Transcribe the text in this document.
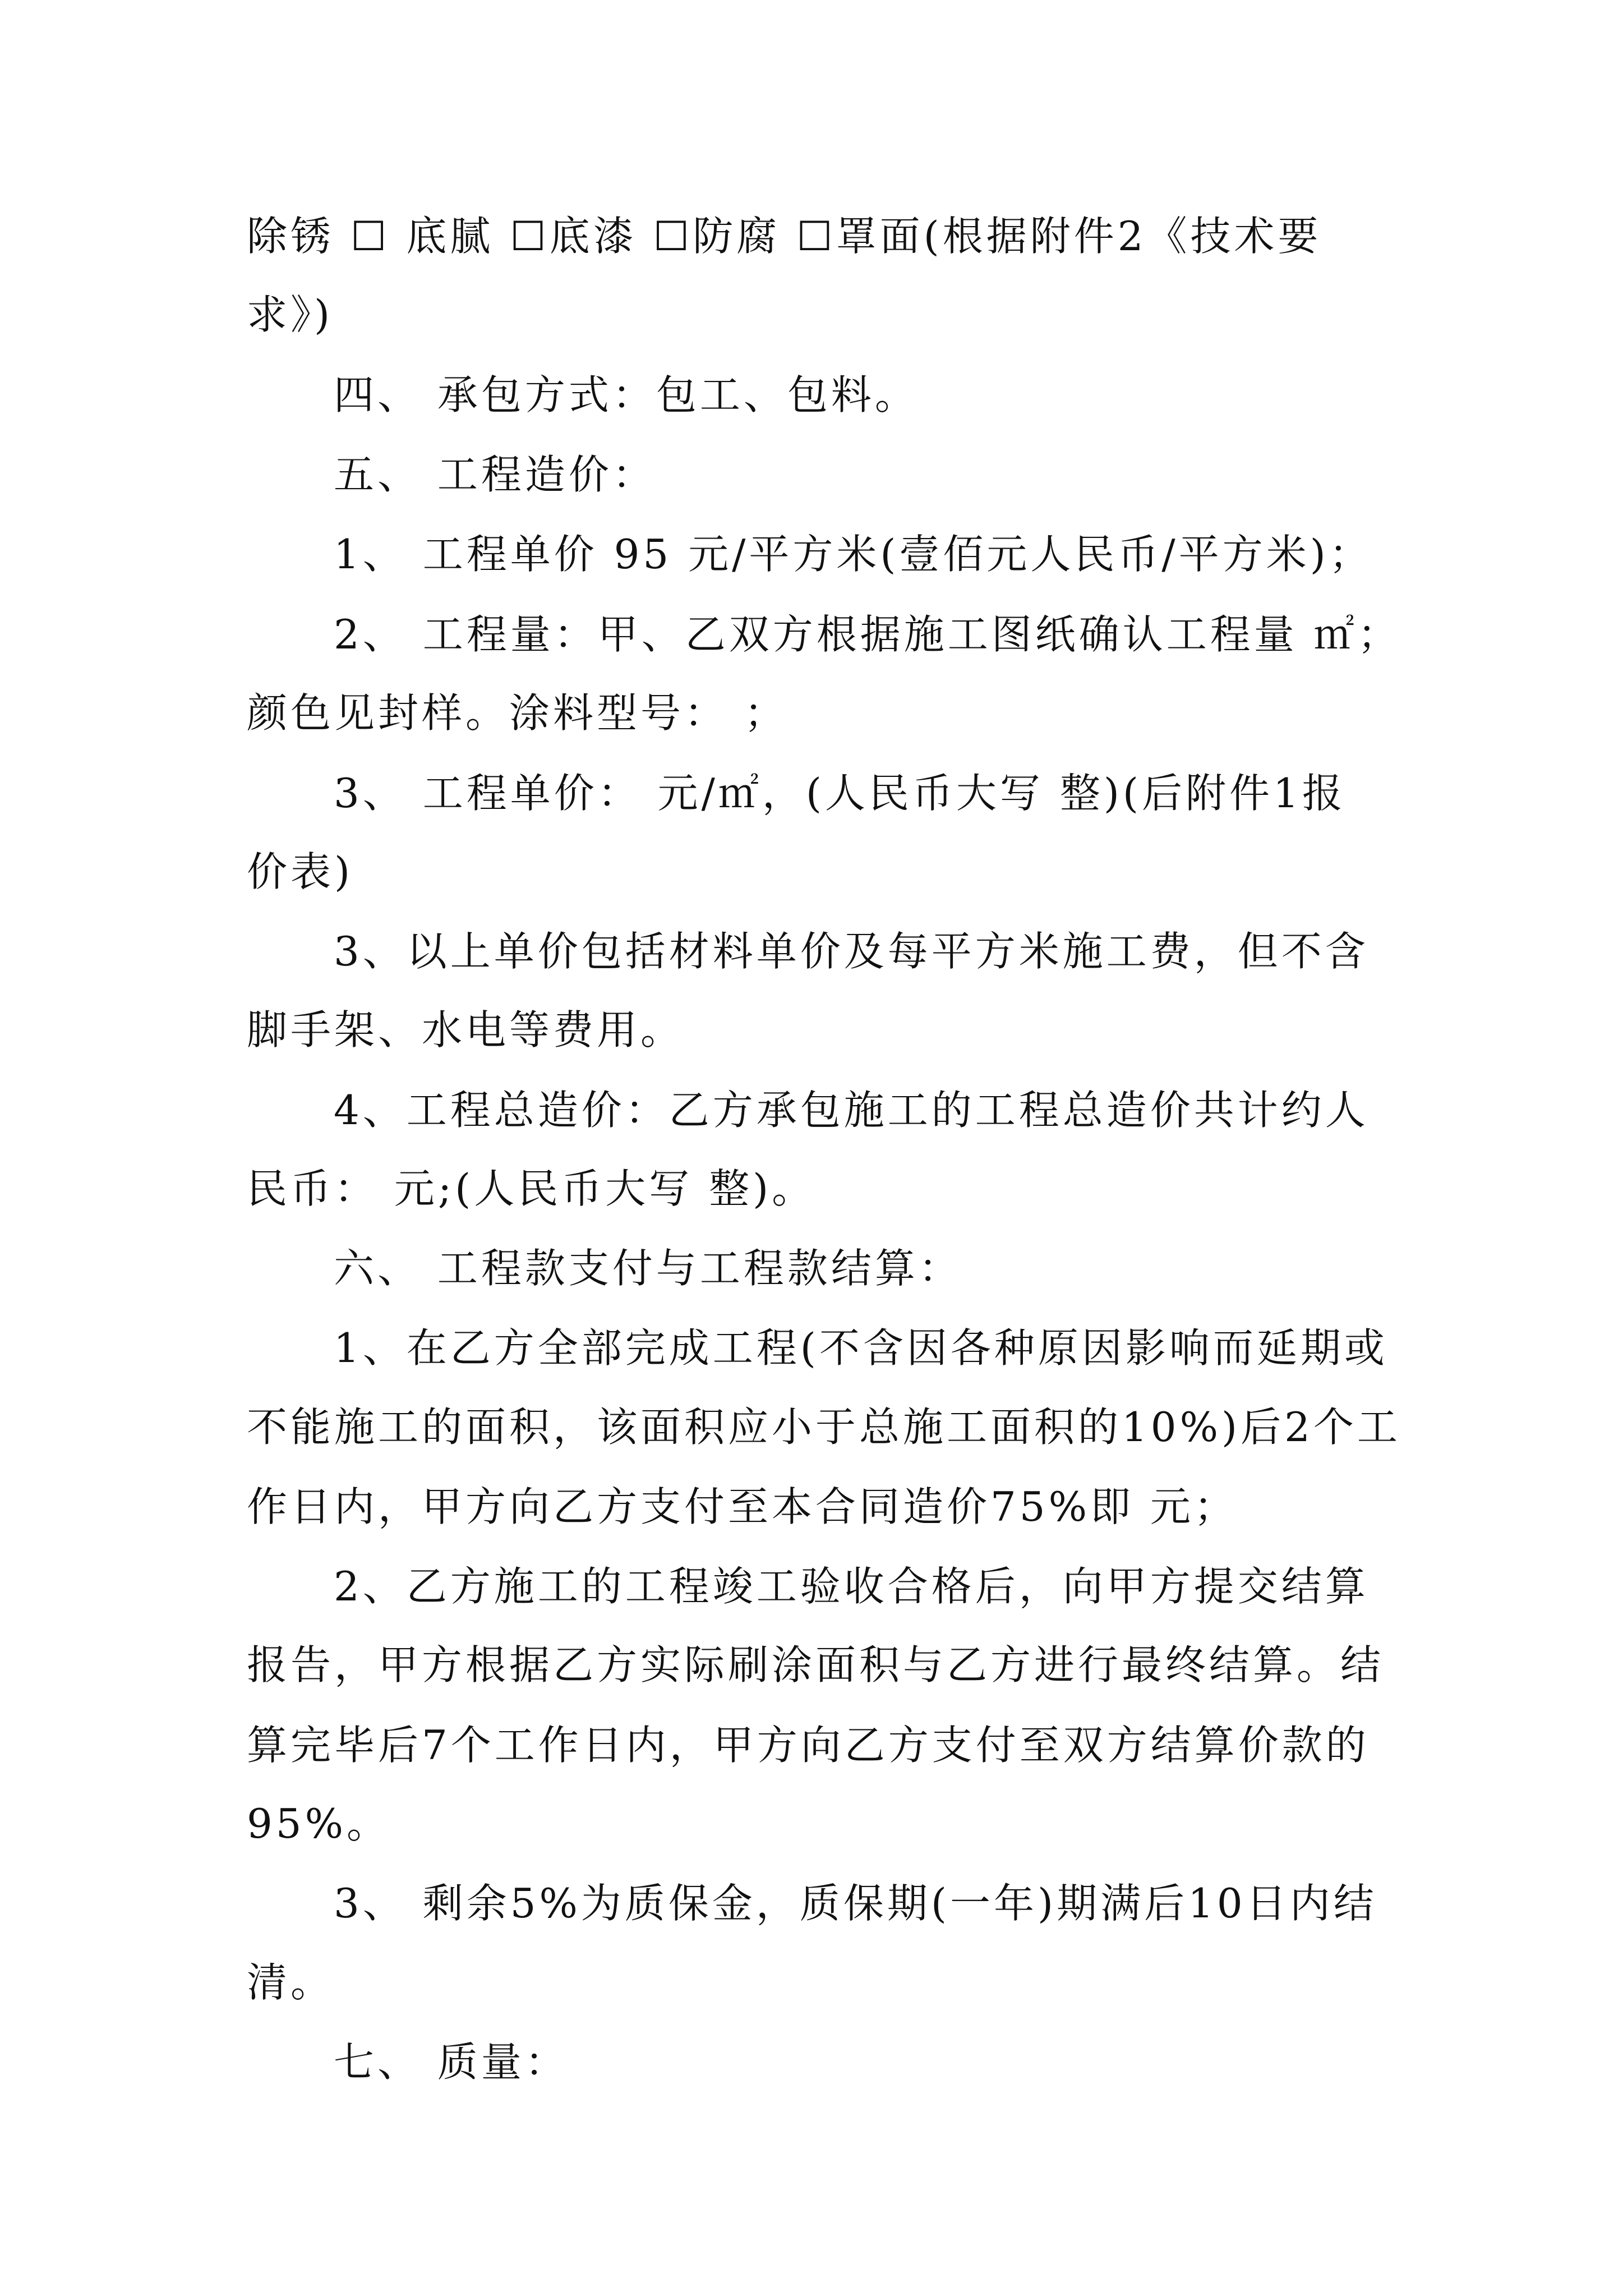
除锈 ☐ 底腻 ☐底漆 ☐防腐 ☐罩面(根据附件2《技术要
求》)
四、 承包方式：包工、包料。
五、 工程造价：
1、 工程单价 95 元/平方米(壹佰元人民币/平方米)；
2、 工程量：甲、乙双方根据施工图纸确认工程量 ㎡；
颜色见封样。涂料型号： ；
3、 工程单价： 元/㎡，(人民币大写 整)(后附件1报
价表)
3、以上单价包括材料单价及每平方米施工费，但不含
脚手架、水电等费用。
4、工程总造价：乙方承包施工的工程总造价共计约人
民币： 元;(人民币大写 整)。
六、 工程款支付与工程款结算：
1、在乙方全部完成工程(不含因各种原因影响而延期或
不能施工的面积，该面积应小于总施工面积的10%)后2个工
作日内，甲方向乙方支付至本合同造价75%即 元；
2、乙方施工的工程竣工验收合格后，向甲方提交结算
报告，甲方根据乙方实际刷涂面积与乙方进行最终结算。结
算完毕后7个工作日内，甲方向乙方支付至双方结算价款的
95%。
3、 剩余5%为质保金，质保期(一年)期满后10日内结
清。
七、 质量：
